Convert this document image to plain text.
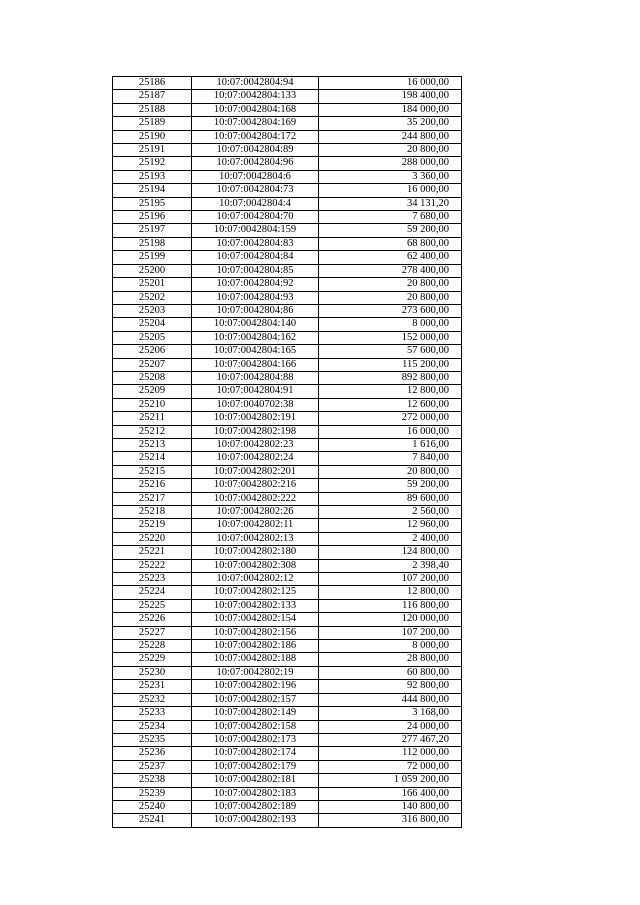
25186	10:07:0042804:94	16 000,00
25187	10:07:0042804:133	198 400,00
25188	10:07:0042804:168	184 000,00
25189	10:07:0042804:169	35 200,00
25190	10:07:0042804:172	244 800,00
25191	10:07:0042804:89	20 800,00
25192	10:07:0042804:96	288 000,00
25193	10:07:0042804:6	3 360,00
25194	10:07:0042804:73	16 000,00
25195	10:07:0042804:4	34 131,20
25196	10:07:0042804:70	7 680,00
25197	10:07:0042804:159	59 200,00
25198	10:07:0042804:83	68 800,00
25199	10:07:0042804:84	62 400,00
25200	10:07:0042804:85	278 400,00
25201	10:07:0042804:92	20 800,00
25202	10:07:0042804:93	20 800,00
25203	10:07:0042804:86	273 600,00
25204	10:07:0042804:140	8 000,00
25205	10:07:0042804:162	152 000,00
25206	10:07:0042804:165	57 600,00
25207	10:07:0042804:166	115 200,00
25208	10:07:0042804:88	892 800,00
25209	10:07:0042804:91	12 800,00
25210	10:07:0040702:38	12 600,00
25211	10:07:0042802:191	272 000,00
25212	10:07:0042802:198	16 000,00
25213	10:07:0042802:23	1 616,00
25214	10:07:0042802:24	7 840,00
25215	10:07:0042802:201	20 800,00
25216	10:07:0042802:216	59 200,00
25217	10:07:0042802:222	89 600,00
25218	10:07:0042802:26	2 560,00
25219	10:07:0042802:11	12 960,00
25220	10:07:0042802:13	2 400,00
25221	10:07:0042802:180	124 800,00
25222	10:07:0042802:308	2 398,40
25223	10:07:0042802:12	107 200,00
25224	10:07:0042802:125	12 800,00
25225	10:07:0042802:133	116 800,00
25226	10:07:0042802:154	120 000,00
25227	10:07:0042802:156	107 200,00
25228	10:07:0042802:186	8 000,00
25229	10:07:0042802:188	28 800,00
25230	10:07:0042802:19	60 800,00
25231	10:07:0042802:196	92 800,00
25232	10:07:0042802:157	444 800,00
25233	10:07:0042802:149	3 168,00
25234	10:07:0042802:158	24 000,00
25235	10:07:0042802:173	277 467,20
25236	10:07:0042802:174	112 000,00
25237	10:07:0042802:179	72 000,00
25238	10:07:0042802:181	1 059 200,00
25239	10:07:0042802:183	166 400,00
25240	10:07:0042802:189	140 800,00
25241	10:07:0042802:193	316 800,00
